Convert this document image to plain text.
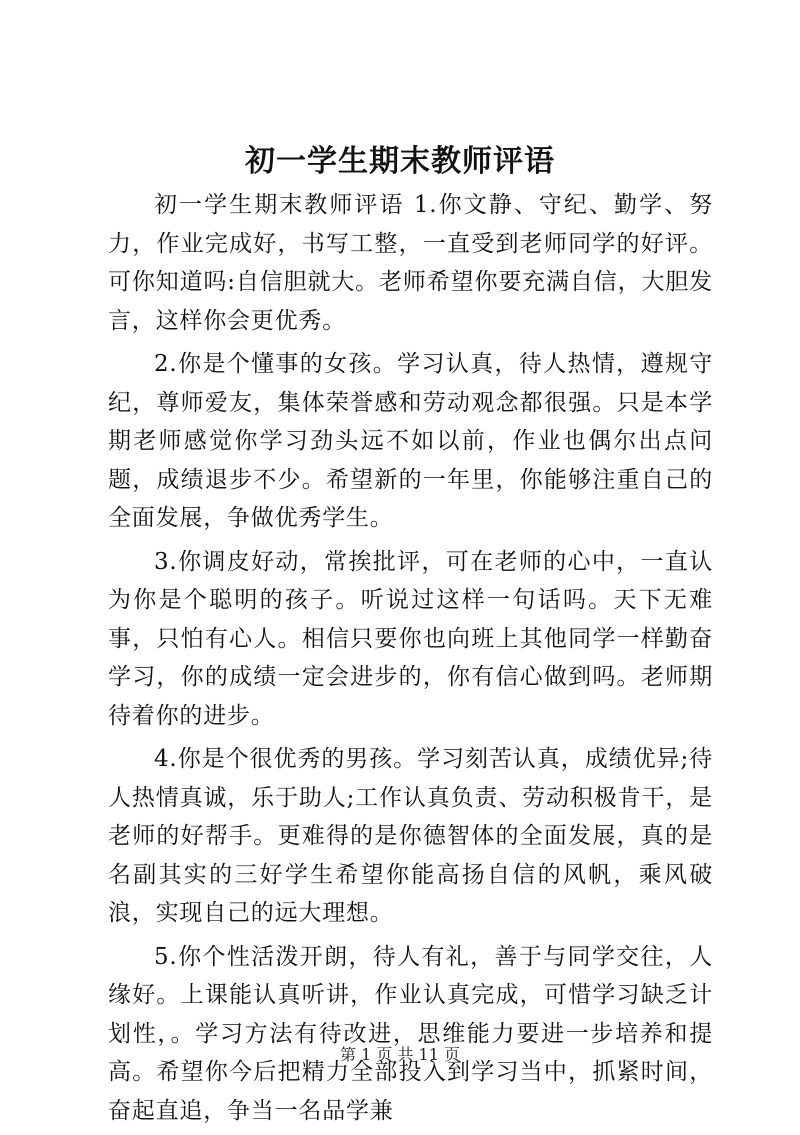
初一学生期末教师评语

初一学生期末教师评语 1.你文静、守纪、勤学、努力，作业完成好，书写工整，一直受到老师同学的好评。可你知道吗:自信胆就大。老师希望你要充满自信，大胆发言，这样你会更优秀。

2.你是个懂事的女孩。学习认真，待人热情，遵规守纪，尊师爱友，集体荣誉感和劳动观念都很强。只是本学期老师感觉你学习劲头远不如以前，作业也偶尔出点问题，成绩退步不少。希望新的一年里，你能够注重自己的全面发展，争做优秀学生。

3.你调皮好动，常挨批评，可在老师的心中，一直认为你是个聪明的孩子。听说过这样一句话吗。天下无难事，只怕有心人。相信只要你也向班上其他同学一样勤奋学习，你的成绩一定会进步的，你有信心做到吗。老师期待着你的进步。

4.你是个很优秀的男孩。学习刻苦认真，成绩优异;待人热情真诚，乐于助人;工作认真负责、劳动积极肯干，是老师的好帮手。更难得的是你德智体的全面发展，真的是名副其实的三好学生希望你能高扬自信的风帆，乘风破浪，实现自己的远大理想。

5.你个性活泼开朗，待人有礼，善于与同学交往，人缘好。上课能认真听讲，作业认真完成，可惜学习缺乏计划性，。学习方法有待改进，思维能力要进一步培养和提高。希望你今后把精力全部投入到学习当中，抓紧时间，奋起直追，争当一名品学兼

第 1 页 共 11 页
